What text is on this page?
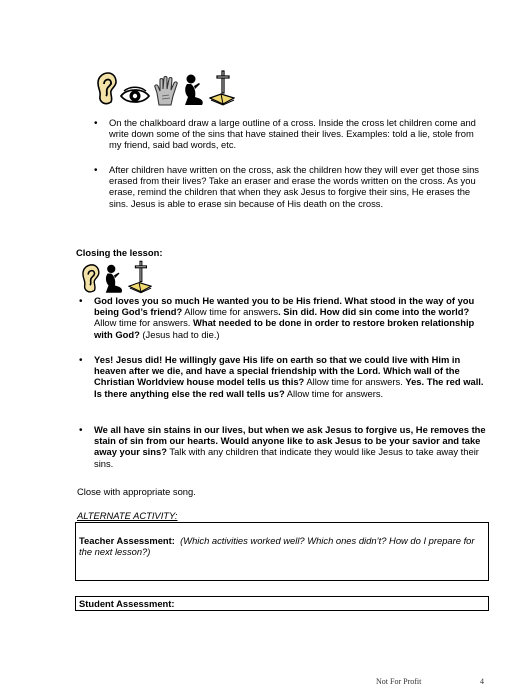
• On the chalkboard draw a large outline of a cross. Inside the cross let children come and write down some of the sins that have stained their lives. Examples: told a lie, stole from my friend, said bad words, etc.
• After children have written on the cross, ask the children how they will ever get those sins erased from their lives? Take an eraser and erase the words written on the cross. As you erase, remind the children that when they ask Jesus to forgive their sins, He erases the sins. Jesus is able to erase sin because of His death on the cross.
Closing the lesson:
• God loves you so much He wanted you to be His friend. What stood in the way of you being God’s friend? Allow time for answers. Sin did. How did sin come into the world? Allow time for answers. What needed to be done in order to restore broken relationship with God? (Jesus had to die.)
• Yes! Jesus did! He willingly gave His life on earth so that we could live with Him in heaven after we die, and have a special friendship with the Lord. Which wall of the Christian Worldview house model tells us this? Allow time for answers. Yes. The red wall. Is there anything else the red wall tells us? Allow time for answers.
• We all have sin stains in our lives, but when we ask Jesus to forgive us, He removes the stain of sin from our hearts. Would anyone like to ask Jesus to be your savior and take away your sins? Talk with any children that indicate they would like Jesus to take away their sins.
Close with appropriate song.
ALTERNATE ACTIVITY:
Teacher Assessment: (Which activities worked well? Which ones didn’t? How do I prepare for the next lesson?)
Student Assessment:
Not For Profit	4
